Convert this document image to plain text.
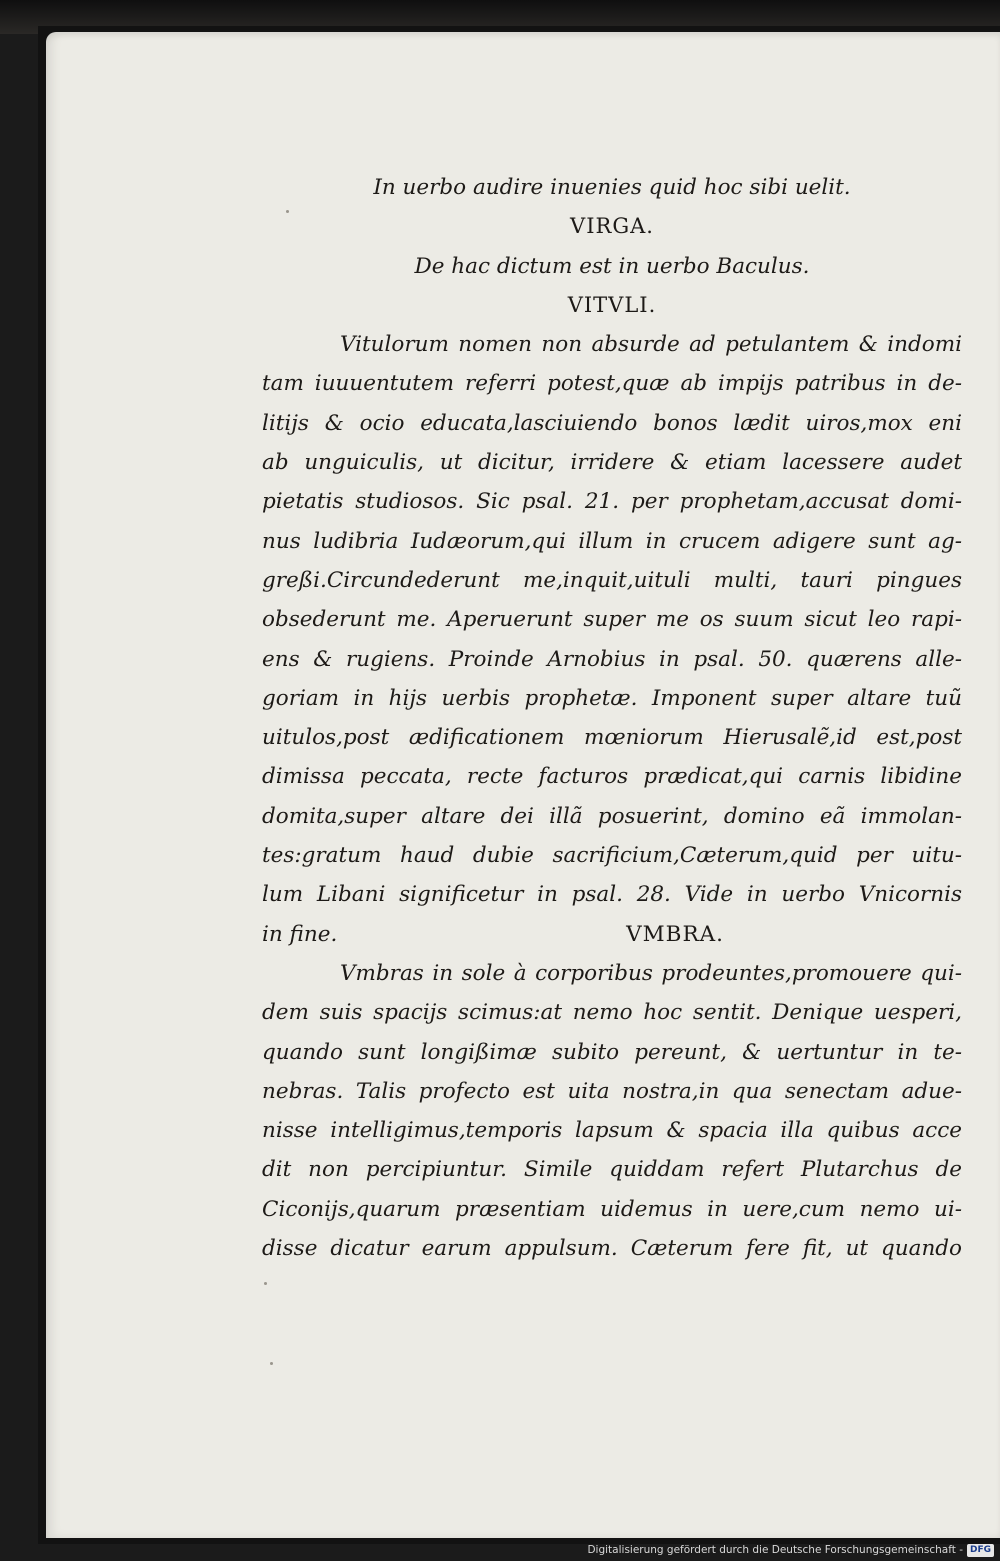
In uerbo audire inuenies quid hoc sibi uelit.
VIRGA.
De hac dictum est in uerbo Baculus.
VITVLI.
Vitulorum nomen non absurde ad petulantem & indomi
tam iuuuentutem referri potest,quæ ab impijs patribus in de-
litijs & ocio educata,lasciuiendo bonos lædit uiros,mox eni
ab unguiculis, ut dicitur, irridere & etiam lacessere audet
pietatis studiosos. Sic psal. 21. per prophetam,accusat domi-
nus ludibria Iudæorum,qui illum in crucem adigere sunt ag-
greßi.Circundederunt me,inquit,uituli multi, tauri pingues
obsederunt me. Aperuerunt super me os suum sicut leo rapi-
ens & rugiens. Proinde Arnobius in psal. 50. quærens alle-
goriam in hijs uerbis prophetæ. Imponent super altare tuũ
uitulos,post ædificationem mœniorum Hierusalẽ,id est,post
dimissa peccata, recte facturos prædicat,qui carnis libidine
domita,super altare dei illã posuerint, domino eã immolan-
tes:gratum haud dubie sacrificium,Cæterum,quid per uitu-
lum Libani significetur in psal. 28. Vide in uerbo Vnicornis
in fine.	VMBRA.
Vmbras in sole à corporibus prodeuntes,promouere qui-
dem suis spacijs scimus:at nemo hoc sentit. Denique uesperi,
quando sunt longißimæ subito pereunt, & uertuntur in te-
nebras. Talis profecto est uita nostra,in qua senectam adue-
nisse intelligimus,temporis lapsum & spacia illa quibus acce
dit non percipiuntur. Simile quiddam refert Plutarchus de
Ciconijs,quarum præsentiam uidemus in uere,cum nemo ui-
disse dicatur earum appulsum. Cæterum fere fit, ut quando
Digitalisierung gefördert durch die Deutsche Forschungsgemeinschaft - DFG
